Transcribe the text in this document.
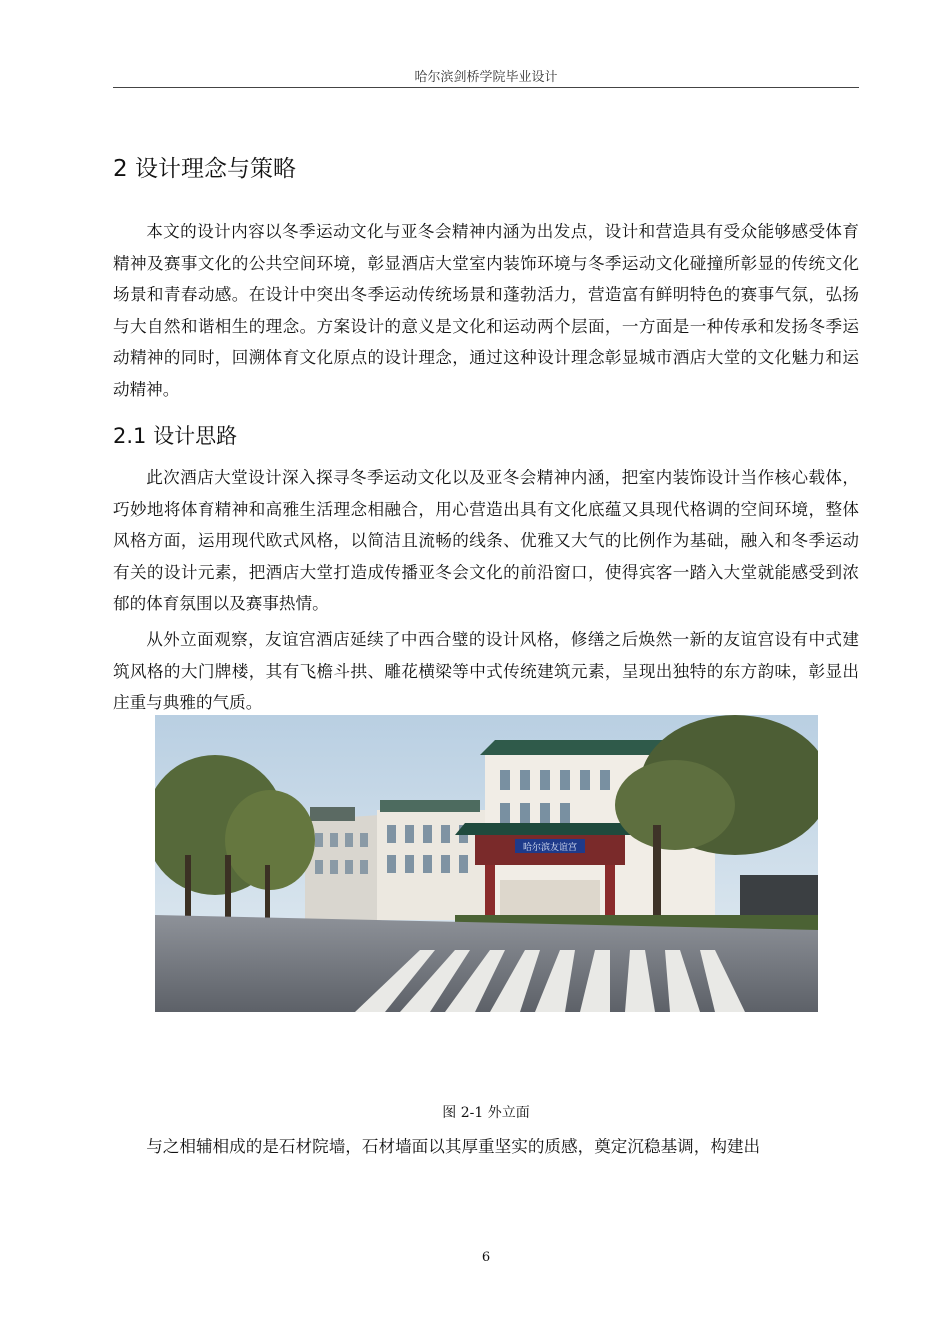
哈尔滨剑桥学院毕业设计
2 设计理念与策略

本文的设计内容以冬季运动文化与亚冬会精神内涵为出发点，设计和营造具有受众能够感受体育精神及赛事文化的公共空间环境，彰显酒店大堂室内装饰环境与冬季运动文化碰撞所彰显的传统文化场景和青春动感。在设计中突出冬季运动传统场景和蓬勃活力，营造富有鲜明特色的赛事气氛，弘扬与大自然和谐相生的理念。方案设计的意义是文化和运动两个层面，一方面是一种传承和发扬冬季运动精神的同时，回溯体育文化原点的设计理念，通过这种设计理念彰显城市酒店大堂的文化魅力和运动精神。

2.1 设计思路

此次酒店大堂设计深入探寻冬季运动文化以及亚冬会精神内涵，把室内装饰设计当作核心载体，巧妙地将体育精神和高雅生活理念相融合，用心营造出具有文化底蕴又具现代格调的空间环境，整体风格方面，运用现代欧式风格，以简洁且流畅的线条、优雅又大气的比例作为基础，融入和冬季运动有关的设计元素，把酒店大堂打造成传播亚冬会文化的前沿窗口，使得宾客一踏入大堂就能感受到浓郁的体育氛围以及赛事热情。

从外立面观察，友谊宫酒店延续了中西合璧的设计风格，修缮之后焕然一新的友谊宫设有中式建筑风格的大门牌楼，其有飞檐斗拱、雕花横梁等中式传统建筑元素，呈现出独特的东方韵味，彰显出庄重与典雅的气质。

哈尔滨友谊宫
图 2-1 外立面

与之相辅相成的是石材院墙，石材墙面以其厚重坚实的质感，奠定沉稳基调，构建出

6
